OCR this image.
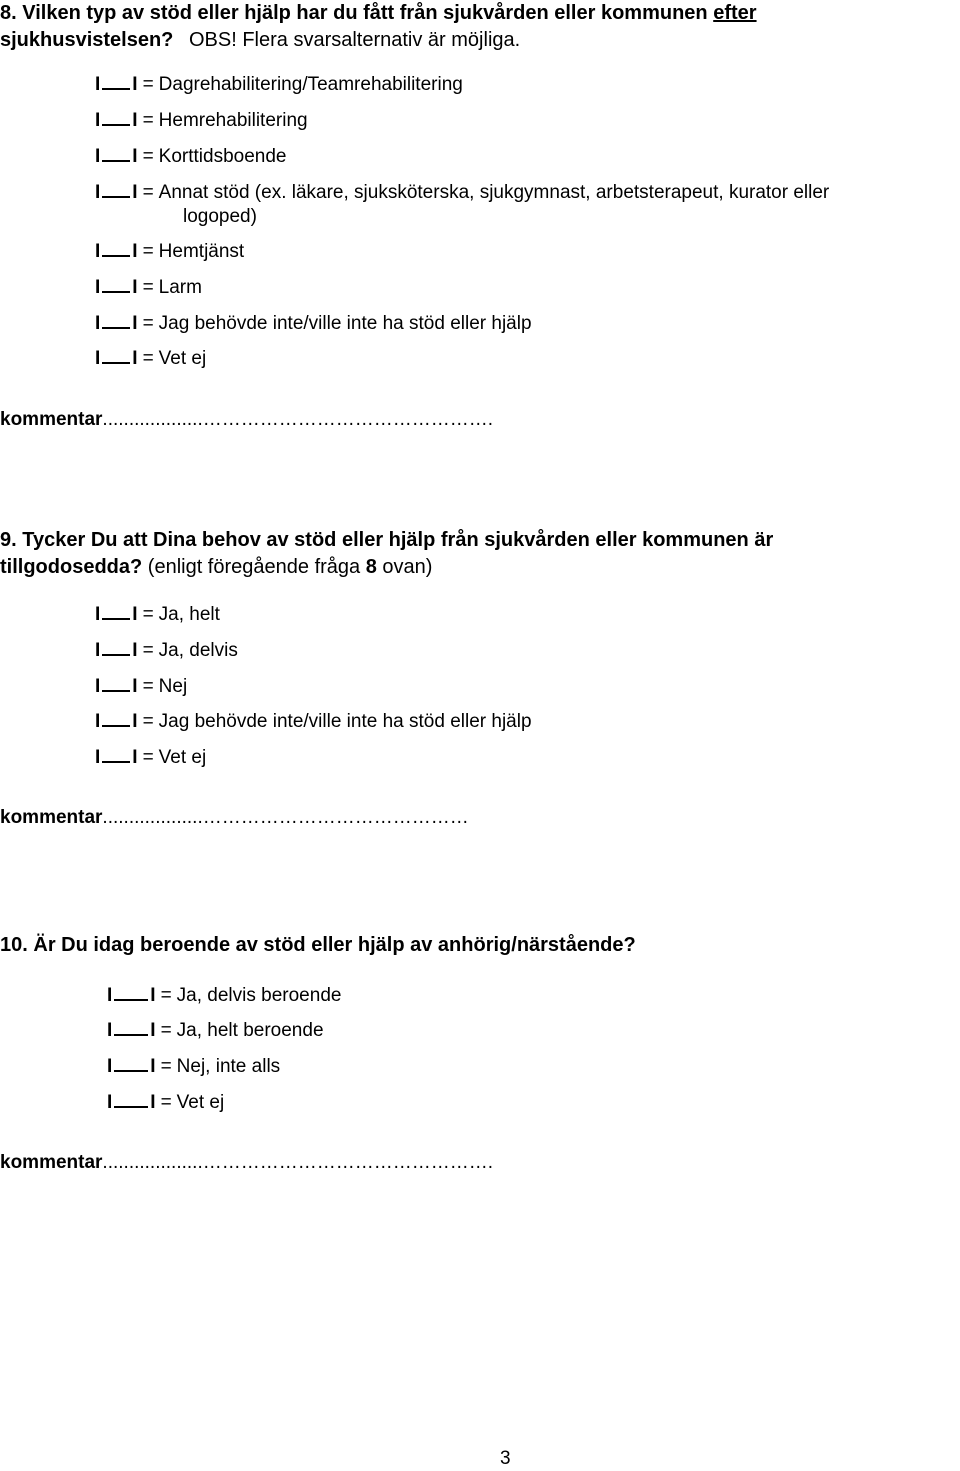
8. Vilken typ av stöd eller hjälp har du fått från sjukvården eller kommunen efter
sjukhusvistelsen? OBS! Flera svarsalternativ är möjliga.
I I = Dagrehabilitering/Teamrehabilitering
I I = Hemrehabilitering
I I = Korttidsboende
I I = Annat stöd (ex. läkare, sjuksköterska, sjukgymnast, arbetsterapeut, kurator eller
I I = Hemtjänst
I I = Larm
I I = Jag behövde inte/ville inte ha stöd eller hjälp
I I = Vet ej
logoped)
kommentar...................……………………………………….
9. Tycker Du att Dina behov av stöd eller hjälp från sjukvården eller kommunen är
tillgodosedda? (enligt föregående fråga 8 ovan)
I I = Ja, helt
I I = Ja, delvis
I I = Nej
I I = Jag behövde inte/ville inte ha stöd eller hjälp
I I = Vet ej
kommentar...................……………………………………
10. Är Du idag beroende av stöd eller hjälp av anhörig/närstående?
I I = Ja, delvis beroende
I I = Ja, helt beroende
I I = Nej, inte alls
I I = Vet ej
kommentar...................……………………………………….
3
